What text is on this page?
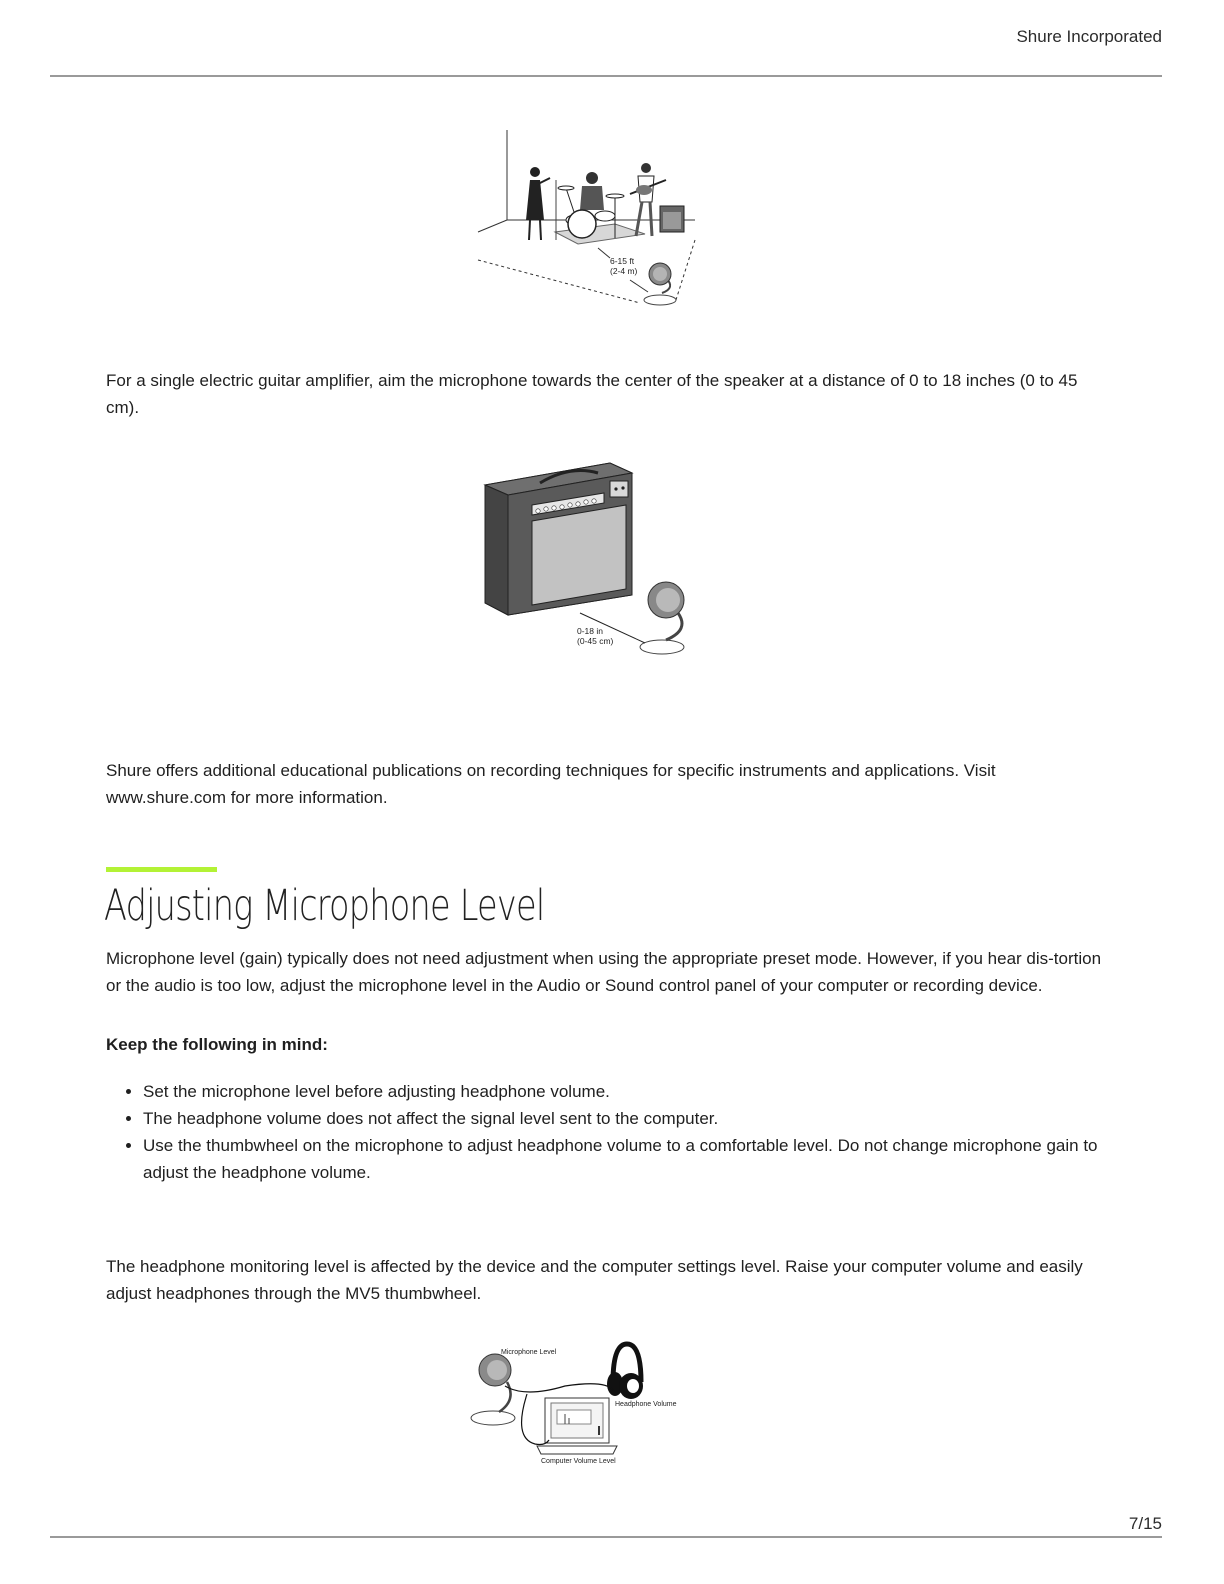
Shure Incorporated
6-15 ft
(2-4 m)

For a single electric guitar amplifier, aim the microphone towards the center of the speaker at a distance of 0 to 18 inches (0 to 45 cm).

0-18 in
(0-45 cm)

Shure offers additional educational publications on recording techniques for specific instruments and applications. Visit www.shure.com for more information.

Adjusting Microphone Level

Microphone level (gain) typically does not need adjustment when using the appropriate preset mode. However, if you hear dis-tortion or the audio is too low, adjust the microphone level in the Audio or Sound control panel of your computer or recording device.

Keep the following in mind:
• Set the microphone level before adjusting headphone volume.
• The headphone volume does not affect the signal level sent to the computer.
• Use the thumbwheel on the microphone to adjust headphone volume to a comfortable level. Do not change microphone gain to adjust the headphone volume.

The headphone monitoring level is affected by the device and the computer settings level. Raise your computer volume and easily adjust headphones through the MV5 thumbwheel.

Microphone Level
Headphone Volume
Computer Volume Level
7/15
